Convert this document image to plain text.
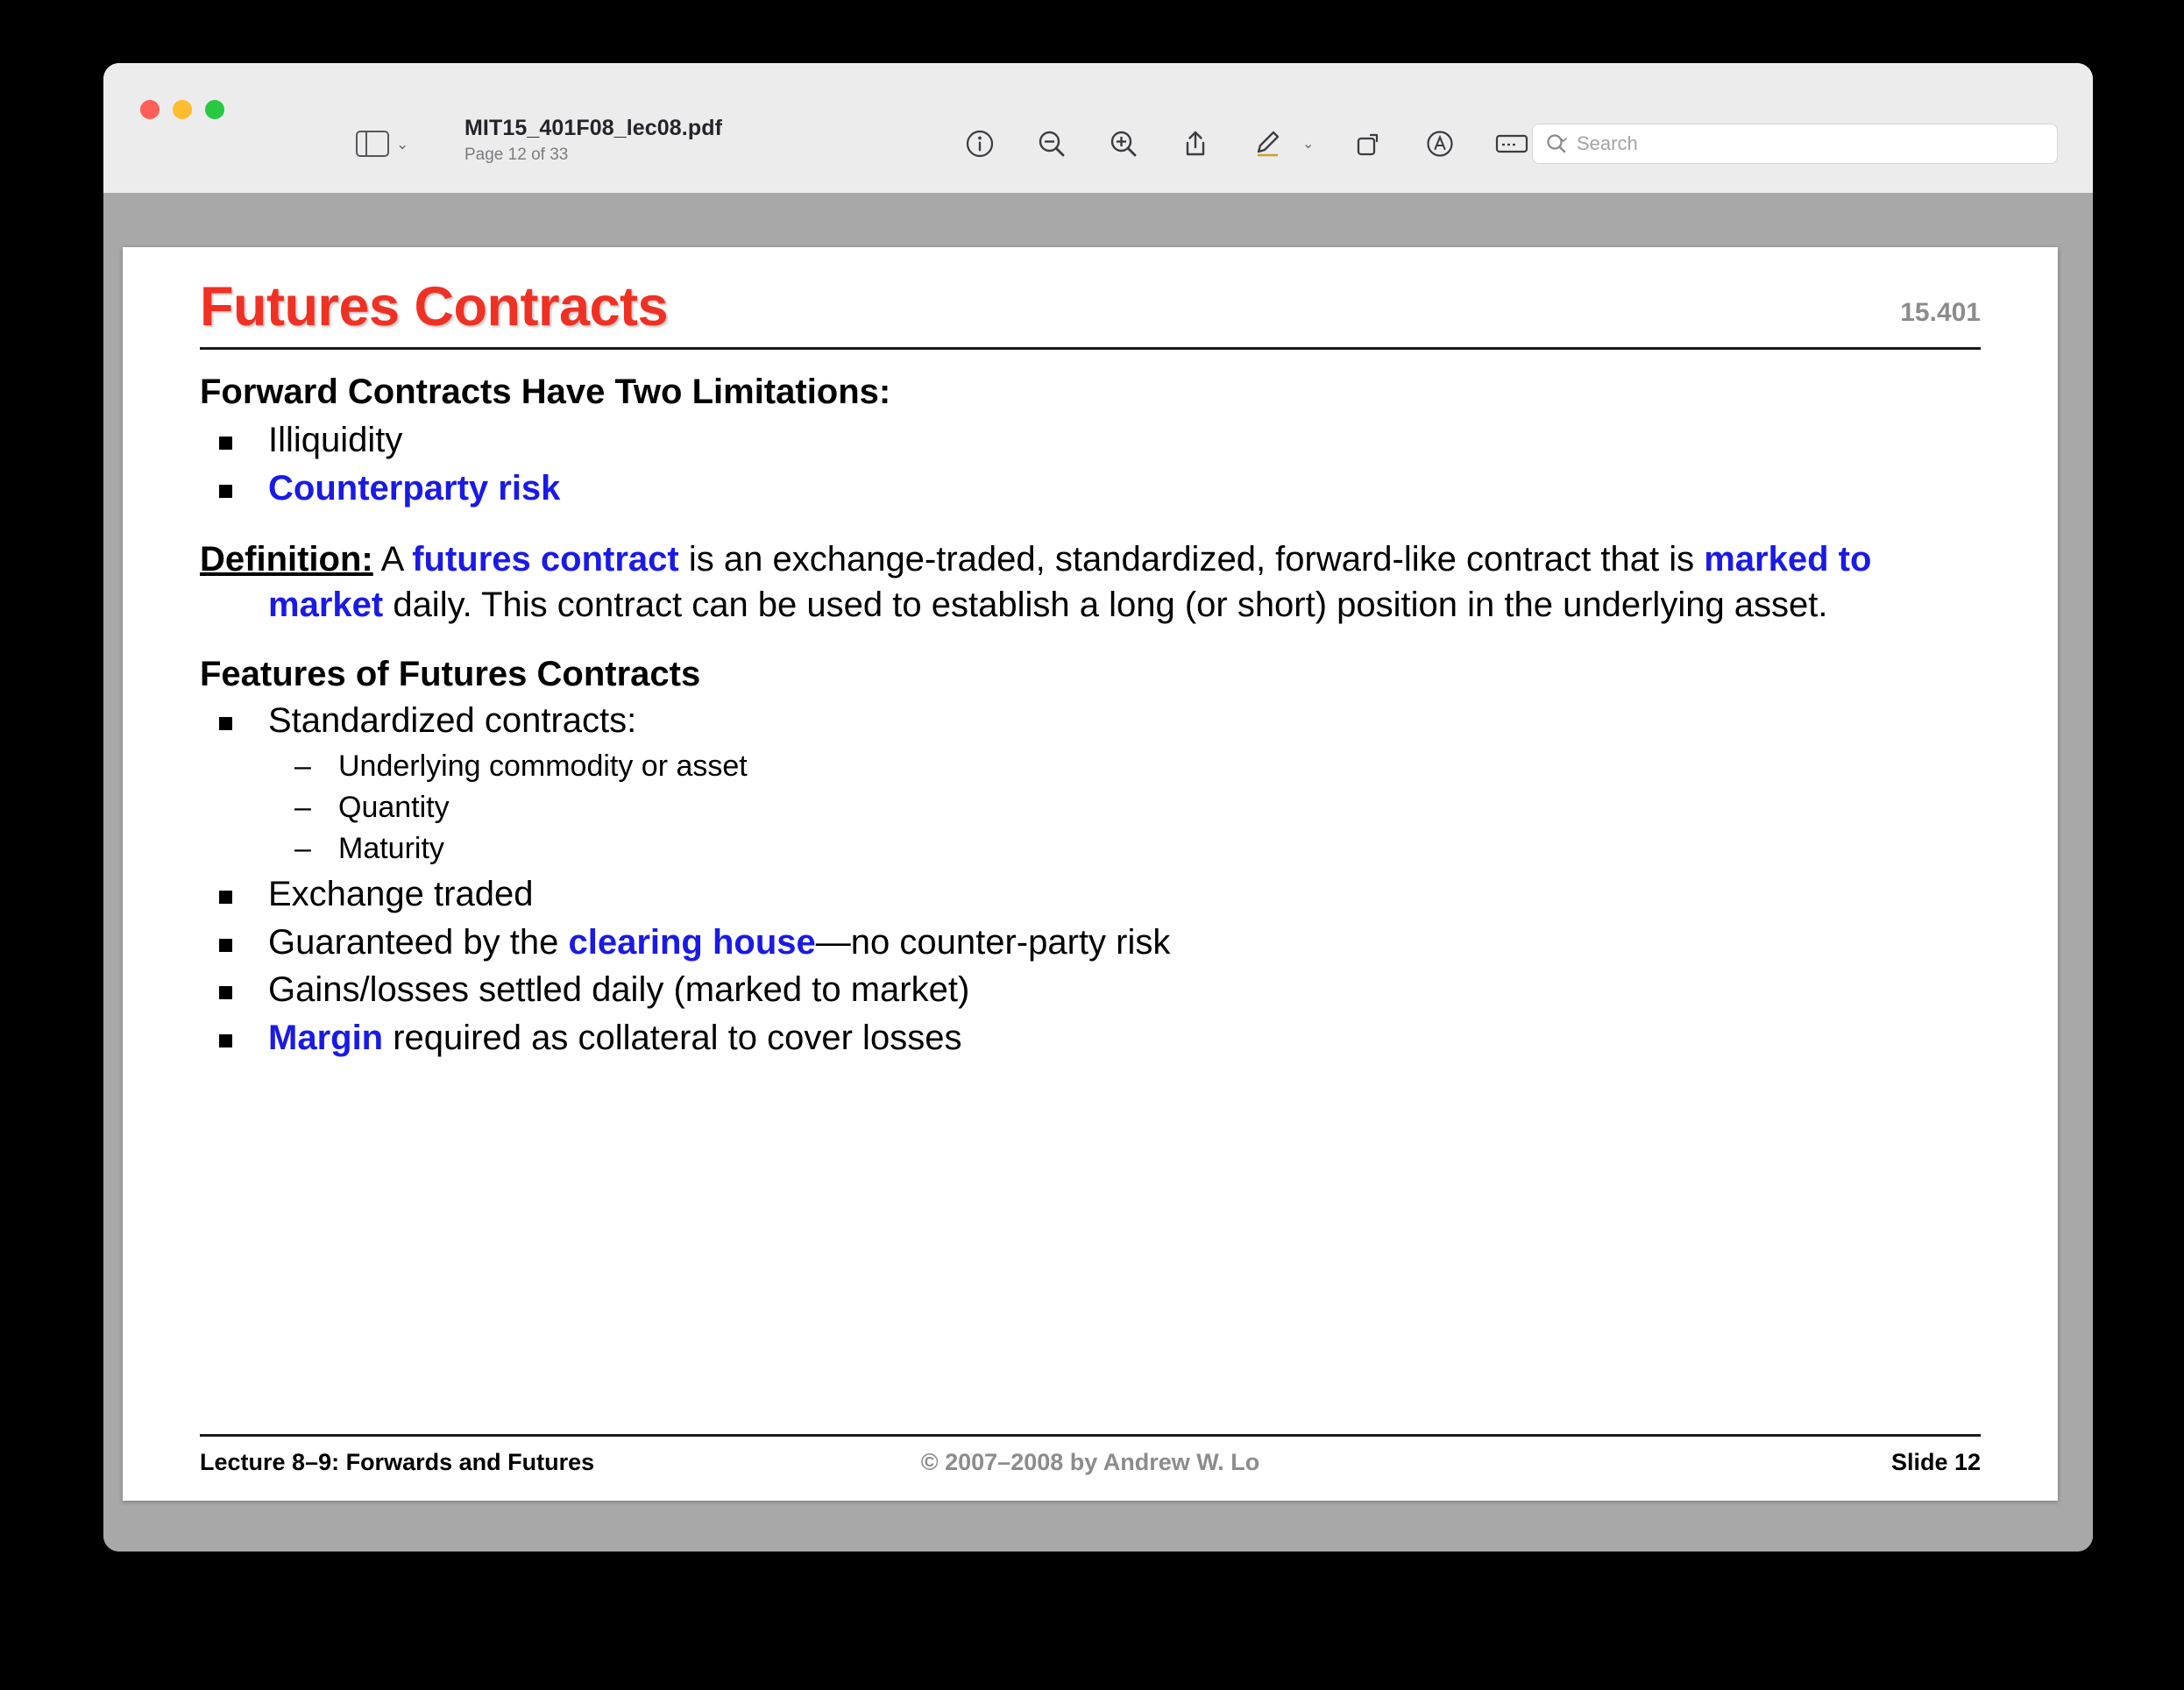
⌄
MIT15_401F08_lec08.pdf
Page 12 of 33
⌄	Search
Futures Contracts	15.401
Forward Contracts Have Two Limitations:
Illiquidity
Counterparty risk

Definition: A futures contract is an exchange-traded, standardized, forward-like contract that is marked to market daily. This contract can be used to establish a long (or short) position in the underlying asset.

Features of Futures Contracts
Standardized contracts:
– Underlying commodity or asset
– Quantity
– Maturity
Exchange traded
Guaranteed by the clearing house—no counter-party risk
Gains/losses settled daily (marked to market)
Margin required as collateral to cover losses
Lecture 8–9: Forwards and Futures	© 2007–2008 by Andrew W. Lo	Slide 12
